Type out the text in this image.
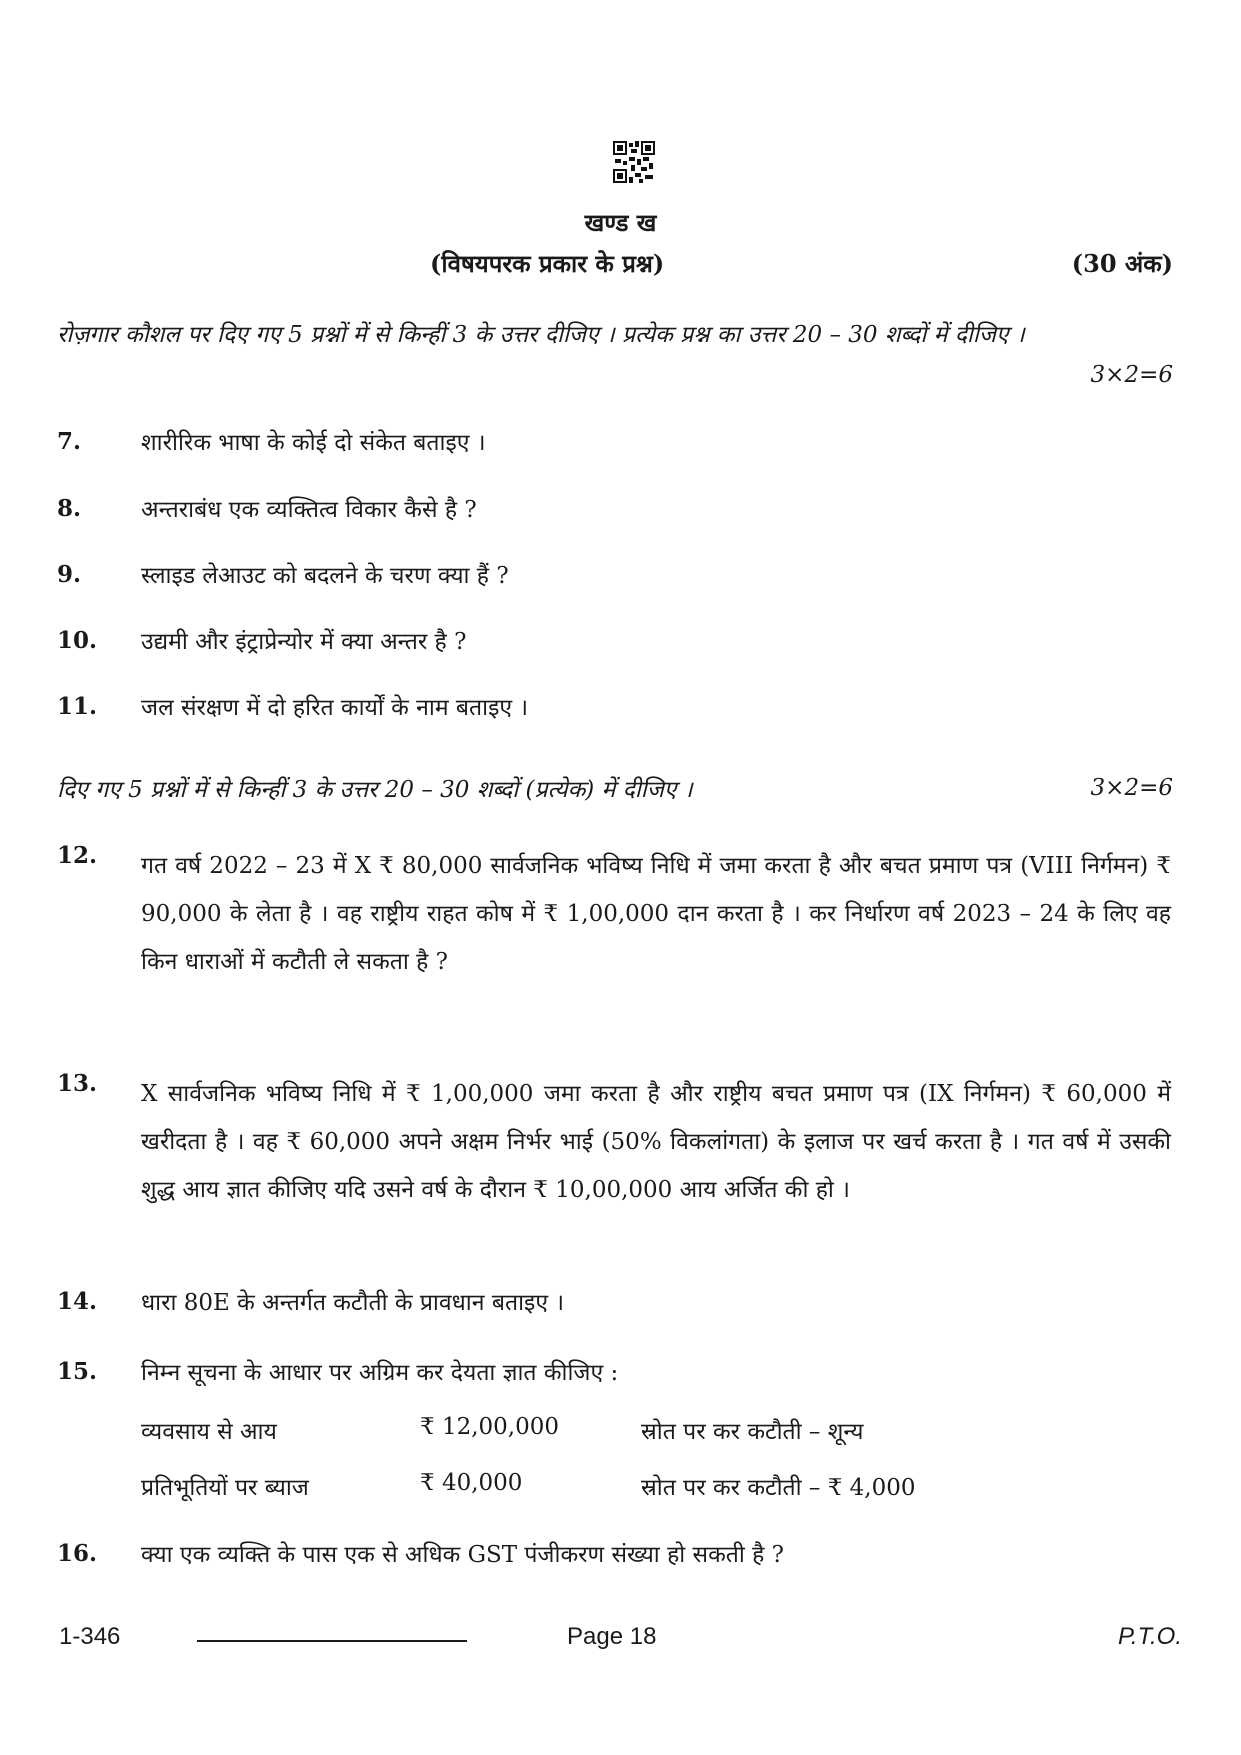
खण्ड ख
(विषयपरक प्रकार के प्रश्न)	(30 अंक)
रोज़गार कौशल पर दिए गए 5 प्रश्नों में से किन्हीं 3 के उत्तर दीजिए । प्रत्येक प्रश्न का उत्तर 20 – 30 शब्दों में दीजिए ।
3×2=6
7.	शारीरिक भाषा के कोई दो संकेत बताइए ।
8.	अन्तराबंध एक व्यक्तित्व विकार कैसे है ?
9.	स्लाइड लेआउट को बदलने के चरण क्या हैं ?
10. उद्यमी और इंट्राप्रेन्योर में क्या अन्तर है ?
11. जल संरक्षण में दो हरित कार्यों के नाम बताइए ।
दिए गए 5 प्रश्नों में से किन्हीं 3 के उत्तर 20 – 30 शब्दों (प्रत्येक) में दीजिए ।	3×2=6
12. गत वर्ष 2022 – 23 में X ₹ 80,000 सार्वजनिक भविष्य निधि में जमा करता है और बचत प्रमाण पत्र (VIII निर्गमन) ₹ 90,000 के लेता है । वह राष्ट्रीय राहत कोष में ₹ 1,00,000 दान करता है । कर निर्धारण वर्ष 2023 – 24 के लिए वह किन धाराओं में कटौती ले सकता है ?
13. X सार्वजनिक भविष्य निधि में ₹ 1,00,000 जमा करता है और राष्ट्रीय बचत प्रमाण पत्र (IX निर्गमन) ₹ 60,000 में खरीदता है । वह ₹ 60,000 अपने अक्षम निर्भर भाई (50% विकलांगता) के इलाज पर खर्च करता है । गत वर्ष में उसकी शुद्ध आय ज्ञात कीजिए यदि उसने वर्ष के दौरान ₹ 10,00,000 आय अर्जित की हो ।
14. धारा 80E के अन्तर्गत कटौती के प्रावधान बताइए ।
15. निम्न सूचना के आधार पर अग्रिम कर देयता ज्ञात कीजिए :
व्यवसाय से आय	₹ 12,00,000	स्रोत पर कर कटौती – शून्य
प्रतिभूतियों पर ब्याज	₹ 40,000	स्रोत पर कर कटौती – ₹ 4,000
16. क्या एक व्यक्ति के पास एक से अधिक GST पंजीकरण संख्या हो सकती है ?
1-346	Page 18	P.T.O.
